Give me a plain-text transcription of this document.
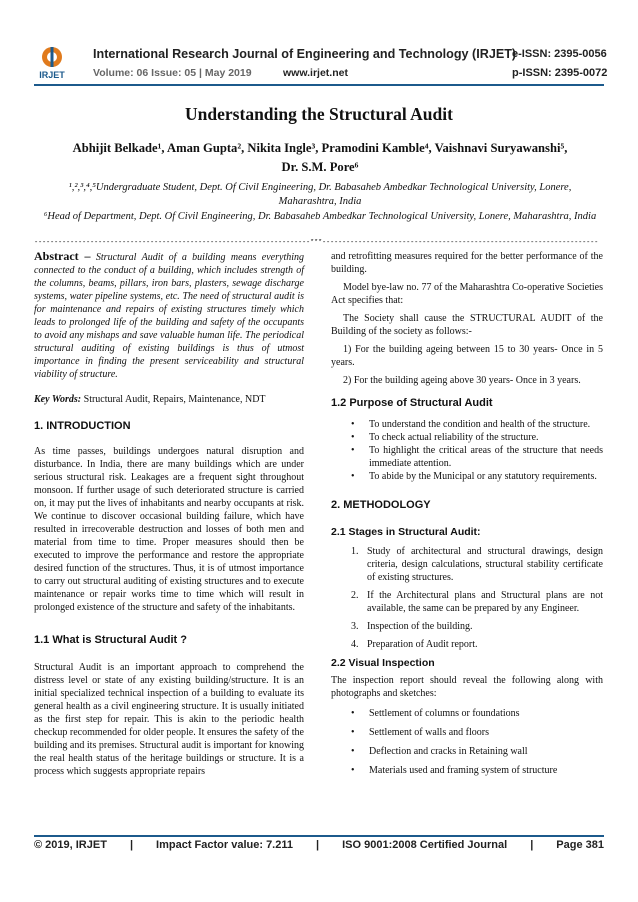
IRJET
International Research Journal of Engineering and Technology (IRJET)
e-ISSN: 2395-0056
Volume: 06 Issue: 05 | May 2019	www.irjet.net	p-ISSN: 2395-0072
Understanding the Structural Audit
Abhijit Belkade¹, Aman Gupta², Nikita Ingle³, Pramodini Kamble⁴, Vaishnavi Suryawanshi⁵,
Dr. S.M. Pore⁶
¹,²,³,⁴,⁵Undergraduate Student, Dept. Of Civil Engineering, Dr. Babasaheb Ambedkar Technological University, Lonere, Maharashtra, India
⁶Head of Department, Dept. Of Civil Engineering, Dr. Babasaheb Ambedkar Technological University, Lonere, Maharashtra, India
---------------------------------------------------------------------***---------------------------------------------------------------------
Abstract – Structural Audit of a building means everything connected to the conduct of a building, which includes strength of the columns, beams, pillars, iron bars, plasters, sewage discharge systems, water pipeline systems, etc. The need of structural audit is for maintenance and repairs of existing structures timely which leads to prolonged life of the building and safety of the occupants to avoid any mishaps and save valuable human life. The periodical structural auditing of existing buildings is thus of utmost importance in finding the present serviceability and structural viability of structure.
Key Words: Structural Audit, Repairs, Maintenance, NDT
1. INTRODUCTION
As time passes, buildings undergoes natural disruption and disturbance. In India, there are many buildings which are under serious structural risk. Leakages are a frequent sight throughout monsoon. If further usage of such deteriorated structure is carried on, it may put the lives of inhabitants and nearby occupants at risk. We continue to discover occasional building failure, which have resulted in irrecoverable destruction and losses of both men and material from time to time. Proper measures should then be executed to improve the performance and restore the appropriate desired function of the structures. Thus, it is of utmost importance to carry out structural auditing of existing structures and to execute maintenance or repair works time to time which will result in prolonged existence of the structure and safety of the inhabitants.
1.1 What is Structural Audit ?
Structural Audit is an important approach to comprehend the distress level or state of any existing building/structure. It is an initial specialized technical inspection of a building to evaluate its general health as a civil engineering structure. It is usually initiated as the first step for repair. This is akin to the periodic health checkup recommended for older people. It ensures the safety of the building and its premises. Structural audit is important for knowing the real health status of the heritage buildings or structure. It is a process which suggests appropriate repairs
and retrofitting measures required for the better performance of the building.
Model bye-law no. 77 of the Maharashtra Co-operative Societies Act specifies that:
The Society shall cause the STRUCTURAL AUDIT of the Building of the society as follows:-
1) For the building ageing between 15 to 30 years- Once in 5 years.
2) For the building ageing above 30 years- Once in 3 years.
1.2 Purpose of Structural Audit
•	To understand the condition and health of the structure.
•	To check actual reliability of the structure.
•	To highlight the critical areas of the structure that needs immediate attention.
•	To abide by the Municipal or any statutory requirements.
2. METHODOLOGY
2.1 Stages in Structural Audit:
1. Study of architectural and structural drawings, design criteria, design calculations, structural stability certificate of existing structures.
2. If the Architectural plans and Structural plans are not available, the same can be prepared by any Engineer.
3. Inspection of the building.
4. Preparation of Audit report.
2.2 Visual Inspection
The inspection report should reveal the following along with photographs and sketches:
•	Settlement of columns or foundations
•	Settlement of walls and floors
•	Deflection and cracks in Retaining wall
•	Materials used and framing system of structure
© 2019, IRJET | Impact Factor value: 7.211 | ISO 9001:2008 Certified Journal | Page 381
